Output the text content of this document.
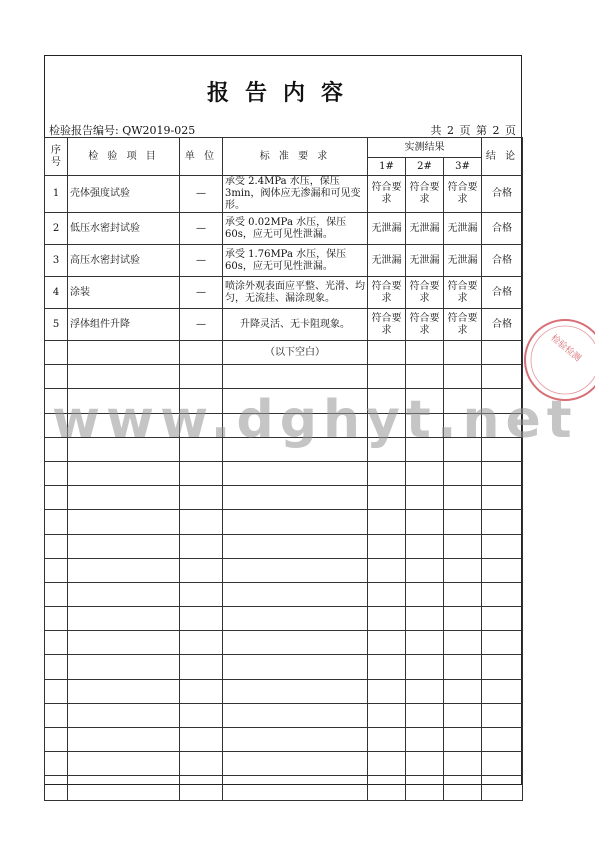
报告内容
检验报告编号: QW2019-025	共 2 页 第 2 页
序号	检 验 项 目	单 位	标 准 要 求	实测结果			结 论
				1#	2#	3#	
1	壳体强度试验	—	承受 2.4MPa 水压，保压 3min，阀体应无渗漏和可见变形。	符合要求	符合要求	符合要求	合格
2	低压水密封试验	—	承受 0.02MPa 水压，保压 60s，应无可见性泄漏。	无泄漏	无泄漏	无泄漏	合格
3	高压水密封试验	—	承受 1.76MPa 水压，保压 60s，应无可见性泄漏。	无泄漏	无泄漏	无泄漏	合格
4	涂装	—	喷涂外观表面应平整、光滑、均匀，无流挂、漏涂现象。	符合要求	符合要求	符合要求	合格
5	浮体组件升降	—	升降灵活、无卡阻现象。	符合要求	符合要求	符合要求	合格
			（以下空白）				

								检验检测
www.dghyt.net
